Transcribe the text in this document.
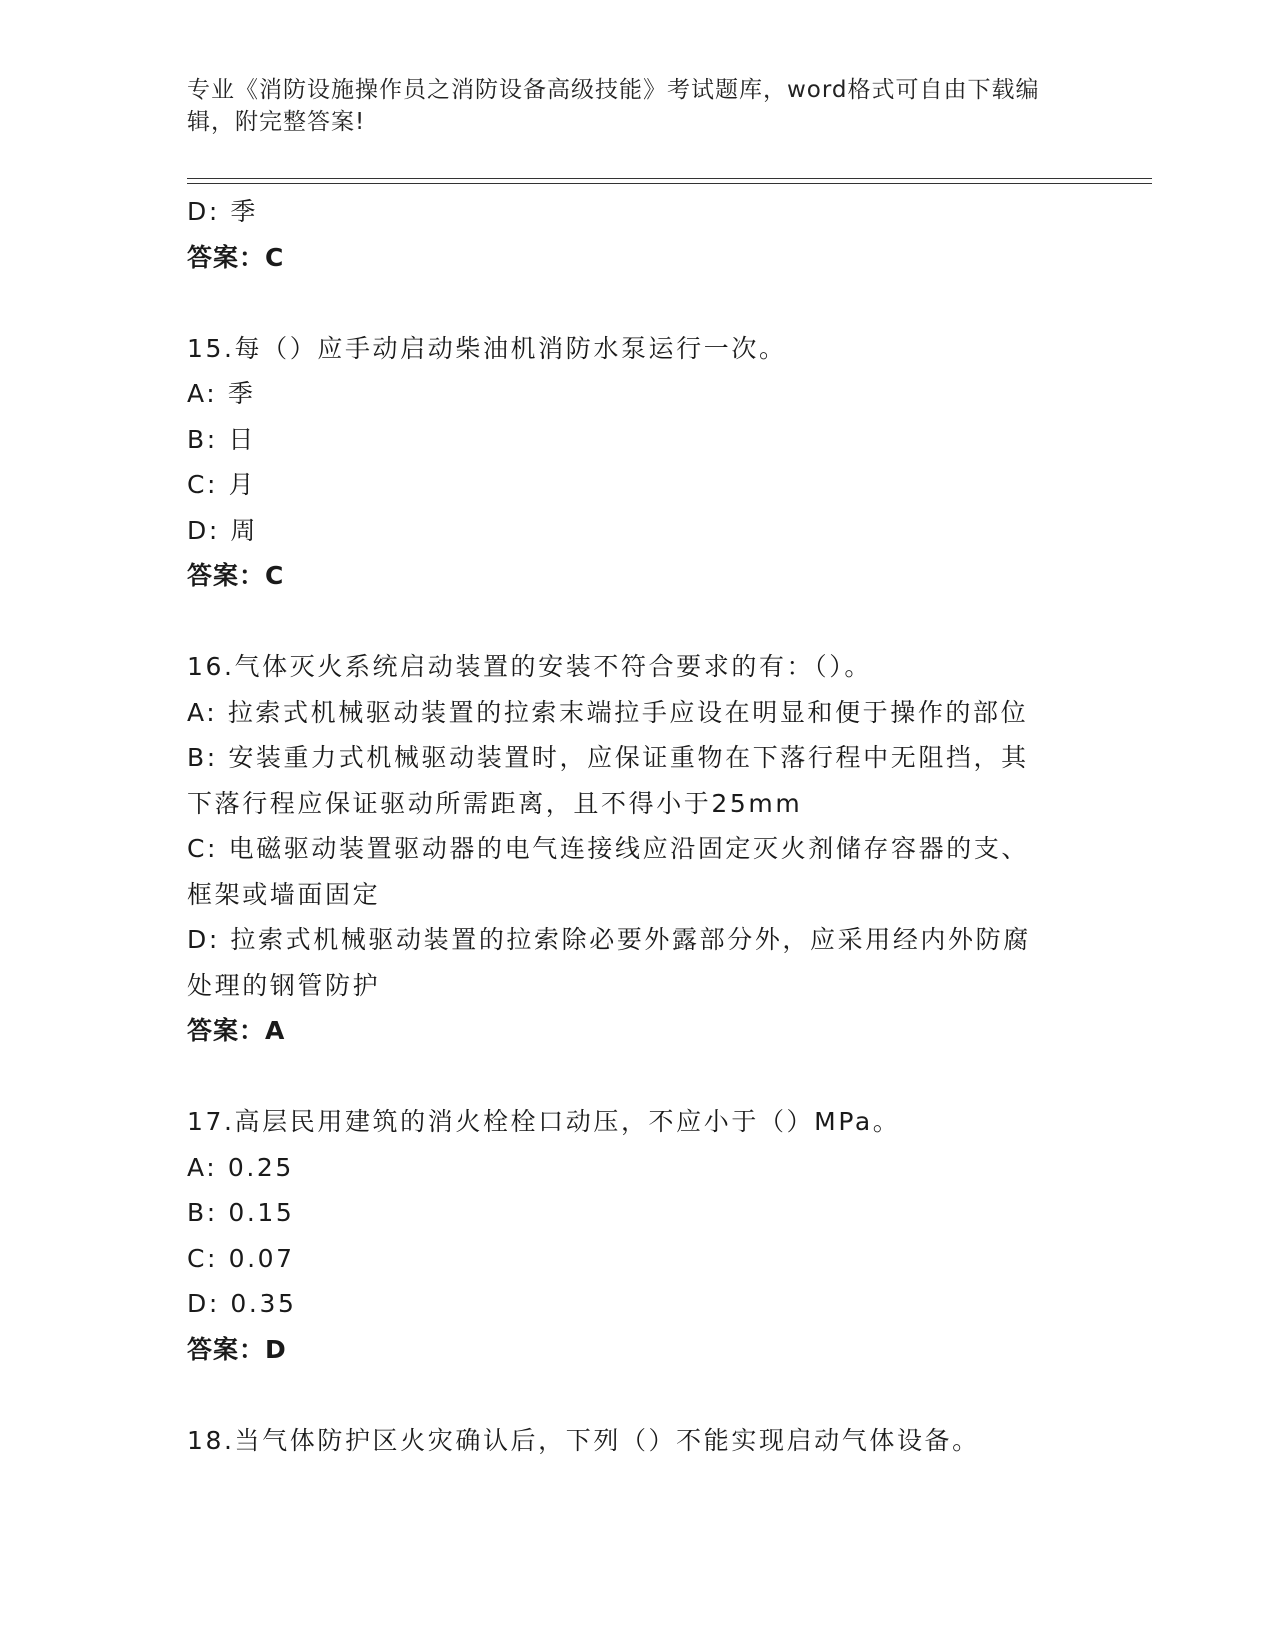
专业《消防设施操作员之消防设备高级技能》考试题库，word格式可自由下载编
辑，附完整答案!
D: 季
答案：C
15.每（）应手动启动柴油机消防水泵运行一次。
A: 季
B: 日
C: 月
D: 周
答案：C
16.气体灭火系统启动装置的安装不符合要求的有：（）。
A: 拉索式机械驱动装置的拉索末端拉手应设在明显和便于操作的部位
B: 安装重力式机械驱动装置时，应保证重物在下落行程中无阻挡，其
下落行程应保证驱动所需距离，且不得小于25mm
C: 电磁驱动装置驱动器的电气连接线应沿固定灭火剂储存容器的支、
框架或墙面固定
D: 拉索式机械驱动装置的拉索除必要外露部分外，应采用经内外防腐
处理的钢管防护
答案：A
17.高层民用建筑的消火栓栓口动压，不应小于（）MPa。
A: 0.25
B: 0.15
C: 0.07
D: 0.35
答案：D
18.当气体防护区火灾确认后，下列（）不能实现启动气体设备。
